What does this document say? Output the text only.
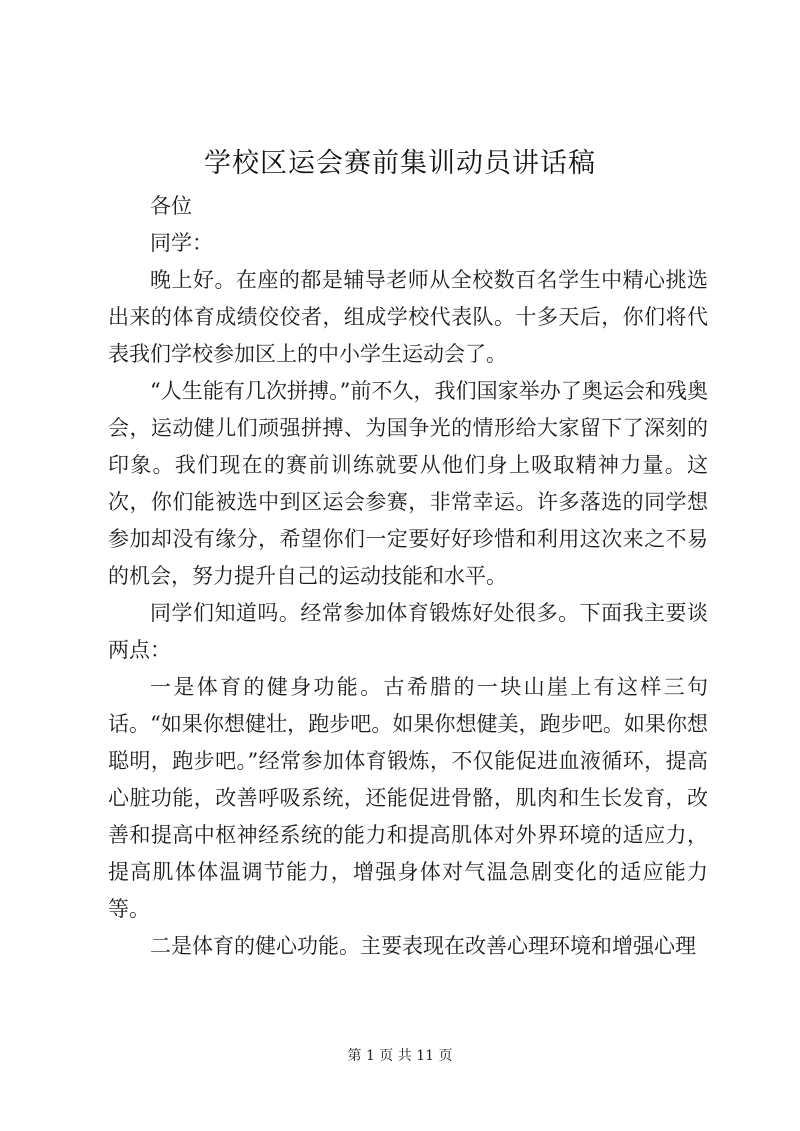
学校区运会赛前集训动员讲话稿

各位

同学：

晚上好。在座的都是辅导老师从全校数百名学生中精心挑选出来的体育成绩佼佼者，组成学校代表队。十多天后，你们将代表我们学校参加区上的中小学生运动会了。

“人生能有几次拼搏。”前不久，我们国家举办了奥运会和残奥会，运动健儿们顽强拼搏、为国争光的情形给大家留下了深刻的印象。我们现在的赛前训练就要从他们身上吸取精神力量。这次，你们能被选中到区运会参赛，非常幸运。许多落选的同学想参加却没有缘分，希望你们一定要好好珍惜和利用这次来之不易的机会，努力提升自己的运动技能和水平。

同学们知道吗。经常参加体育锻炼好处很多。下面我主要谈两点：

一是体育的健身功能。古希腊的一块山崖上有这样三句话。“如果你想健壮，跑步吧。如果你想健美，跑步吧。如果你想聪明，跑步吧。”经常参加体育锻炼，不仅能促进血液循环，提高心脏功能，改善呼吸系统，还能促进骨骼，肌肉和生长发育，改善和提高中枢神经系统的能力和提高肌体对外界环境的适应力，提高肌体体温调节能力，增强身体对气温急剧变化的适应能力等。

二是体育的健心功能。主要表现在改善心理环境和增强心理

第 1 页 共 11 页
